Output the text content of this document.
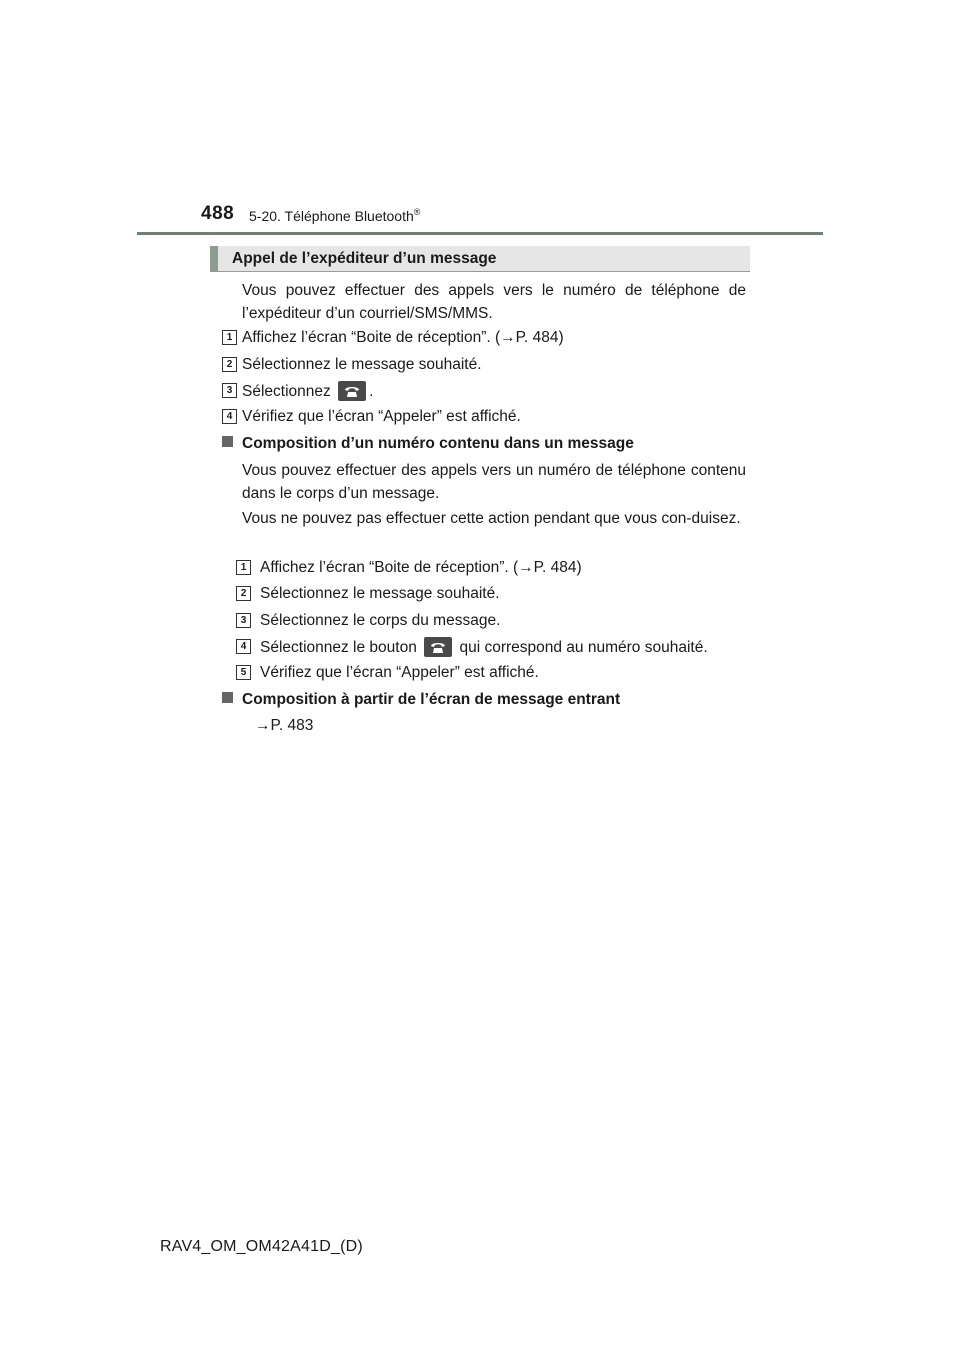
488 5-20. Téléphone Bluetooth®
Appel de l’expéditeur d’un message
Vous pouvez effectuer des appels vers le numéro de téléphone de l’expéditeur d’un courriel/SMS/MMS.
1 Affichez l’écran “Boite de réception”. (→P. 484)
2 Sélectionnez le message souhaité.
3 Sélectionnez .
4 Vérifiez que l’écran “Appeler” est affiché.
Composition d’un numéro contenu dans un message
Vous pouvez effectuer des appels vers un numéro de téléphone contenu dans le corps d’un message.
Vous ne pouvez pas effectuer cette action pendant que vous con-duisez.
1 Affichez l’écran “Boite de réception”. (→P. 484)
2 Sélectionnez le message souhaité.
3 Sélectionnez le corps du message.
4 Sélectionnez le bouton	qui correspond au numéro souhaité.
5 Vérifiez que l’écran “Appeler” est affiché.
Composition à partir de l’écran de message entrant
→P. 483
RAV4_OM_OM42A41D_(D)
